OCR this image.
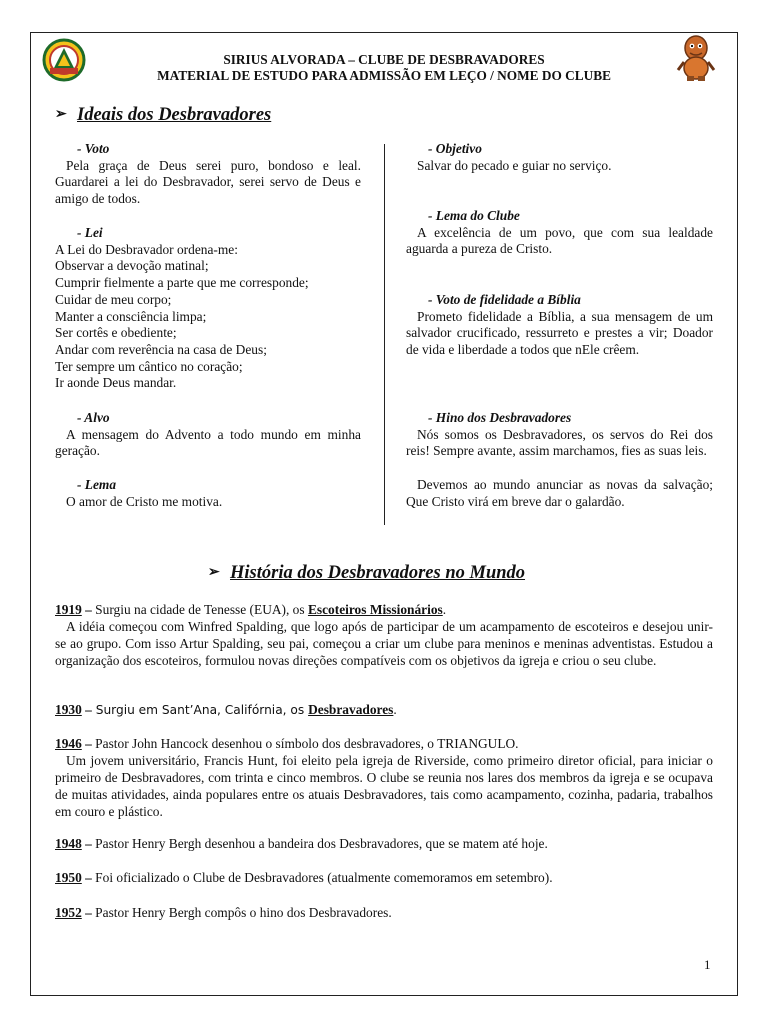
SIRIUS ALVORADA – CLUBE DE DESBRAVADORES
MATERIAL DE ESTUDO PARA ADMISSÃO EM LEÇO / NOME DO CLUBE
➢ Ideais dos Desbravadores
- Voto
Pela graça de Deus serei puro, bondoso e leal. Guardarei a lei do Desbravador, serei servo de Deus e amigo de todos.
- Lei
A Lei do Desbravador ordena-me:
Observar a devoção matinal;
Cumprir fielmente a parte que me corresponde;
Cuidar de meu corpo;
Manter a consciência limpa;
Ser cortês e obediente;
Andar com reverência na casa de Deus;
Ter sempre um cântico no coração;
Ir aonde Deus mandar.
- Alvo
A mensagem do Advento a todo mundo em minha geração.
- Lema
O amor de Cristo me motiva.
- Objetivo
Salvar do pecado e guiar no serviço.
- Lema do Clube
A excelência de um povo, que com sua lealdade aguarda a pureza de Cristo.
- Voto de fidelidade a Bíblia
Prometo fidelidade a Bíblia, a sua mensagem de um salvador crucificado, ressurreto e prestes a vir; Doador de vida e liberdade a todos que nEle crêem.
- Hino dos Desbravadores
Nós somos os Desbravadores, os servos do Rei dos reis! Sempre avante, assim marchamos, fies as suas leis.
Devemos ao mundo anunciar as novas da salvação; Que Cristo virá em breve dar o galardão.
➢ História dos Desbravadores no Mundo
1919 – Surgiu na cidade de Tenesse (EUA), os Escoteiros Missionários.
A idéia começou com Winfred Spalding, que logo após de participar de um acampamento de escoteiros e desejou unir-se ao grupo. Com isso Artur Spalding, seu pai, começou a criar um clube para meninos e meninas adventistas. Estudou a organização dos escoteiros, formulou novas direções compatíveis com os objetivos da igreja e criou o seu clube.
1930 – Surgiu em Sant’Ana, Califórnia, os Desbravadores.
1946 – Pastor John Hancock desenhou o símbolo dos desbravadores, o TRIANGULO.
Um jovem universitário, Francis Hunt, foi eleito pela igreja de Riverside, como primeiro diretor oficial, para iniciar o primeiro de Desbravadores, com trinta e cinco membros. O clube se reunia nos lares dos membros da igreja e se ocupava de muitas atividades, ainda populares entre os atuais Desbravadores, tais como acampamento, cozinha, padaria, trabalhos em couro e plástico.
1948 – Pastor Henry Bergh desenhou a bandeira dos Desbravadores, que se matem até hoje.
1950 – Foi oficializado o Clube de Desbravadores (atualmente comemoramos em setembro).
1952 – Pastor Henry Bergh compôs o hino dos Desbravadores.
1
